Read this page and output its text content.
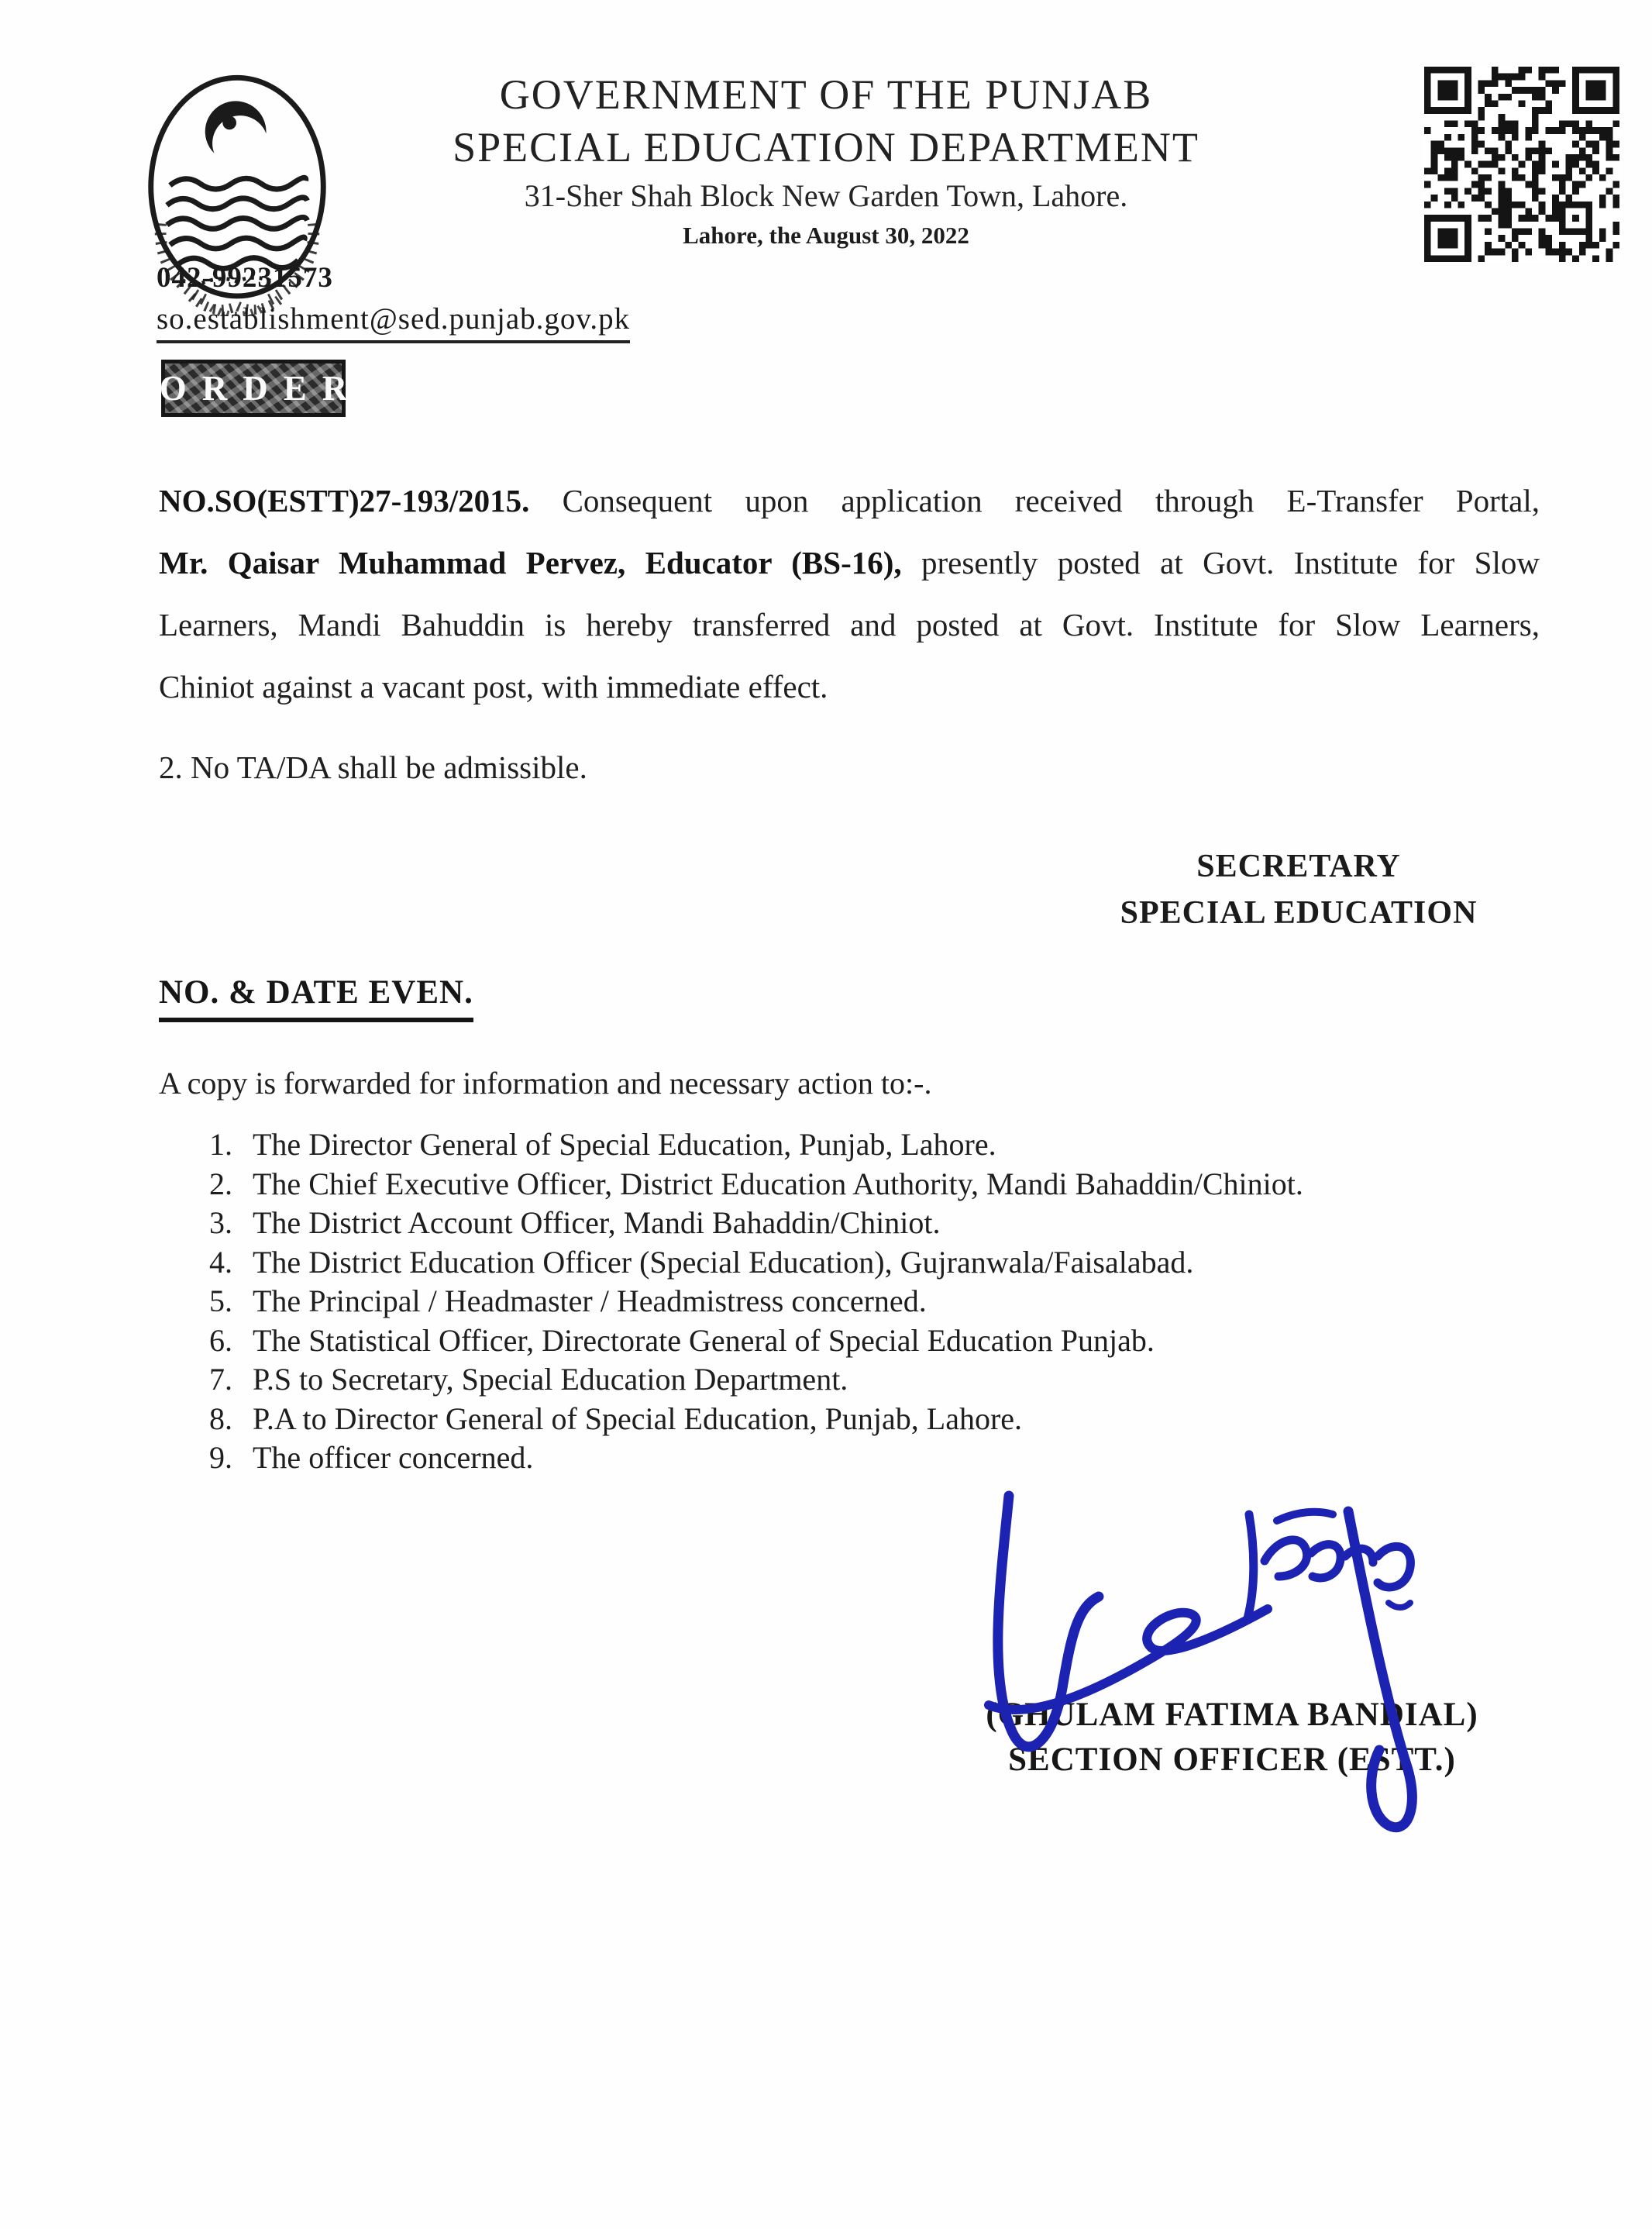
GOVERNMENT OF THE PUNJAB
SPECIAL EDUCATION DEPARTMENT
31-Sher Shah Block New Garden Town, Lahore.
Lahore, the August 30, 2022
042-99231573
so.establishment@sed.punjab.gov.pk
ORDER
NO.SO(ESTT)27-193/2015. Consequent upon application received through E-Transfer Portal,
Mr. Qaisar Muhammad Pervez, Educator (BS-16), presently posted at Govt. Institute for Slow
Learners, Mandi Bahuddin is hereby transferred and posted at Govt. Institute for Slow Learners,
Chiniot against a vacant post, with immediate effect.
2. No TA/DA shall be admissible.
SECRETARY
SPECIAL EDUCATION
NO. & DATE EVEN.
A copy is forwarded for information and necessary action to:-.
1. The Director General of Special Education, Punjab, Lahore.
2. The Chief Executive Officer, District Education Authority, Mandi Bahaddin/Chiniot.
3. The District Account Officer, Mandi Bahaddin/Chiniot.
4. The District Education Officer (Special Education), Gujranwala/Faisalabad.
5. The Principal / Headmaster / Headmistress concerned.
6. The Statistical Officer, Directorate General of Special Education Punjab.
7. P.S to Secretary, Special Education Department.
8. P.A to Director General of Special Education, Punjab, Lahore.
9. The officer concerned.
(GHULAM FATIMA BANDIAL)
SECTION OFFICER (ESTT.)
